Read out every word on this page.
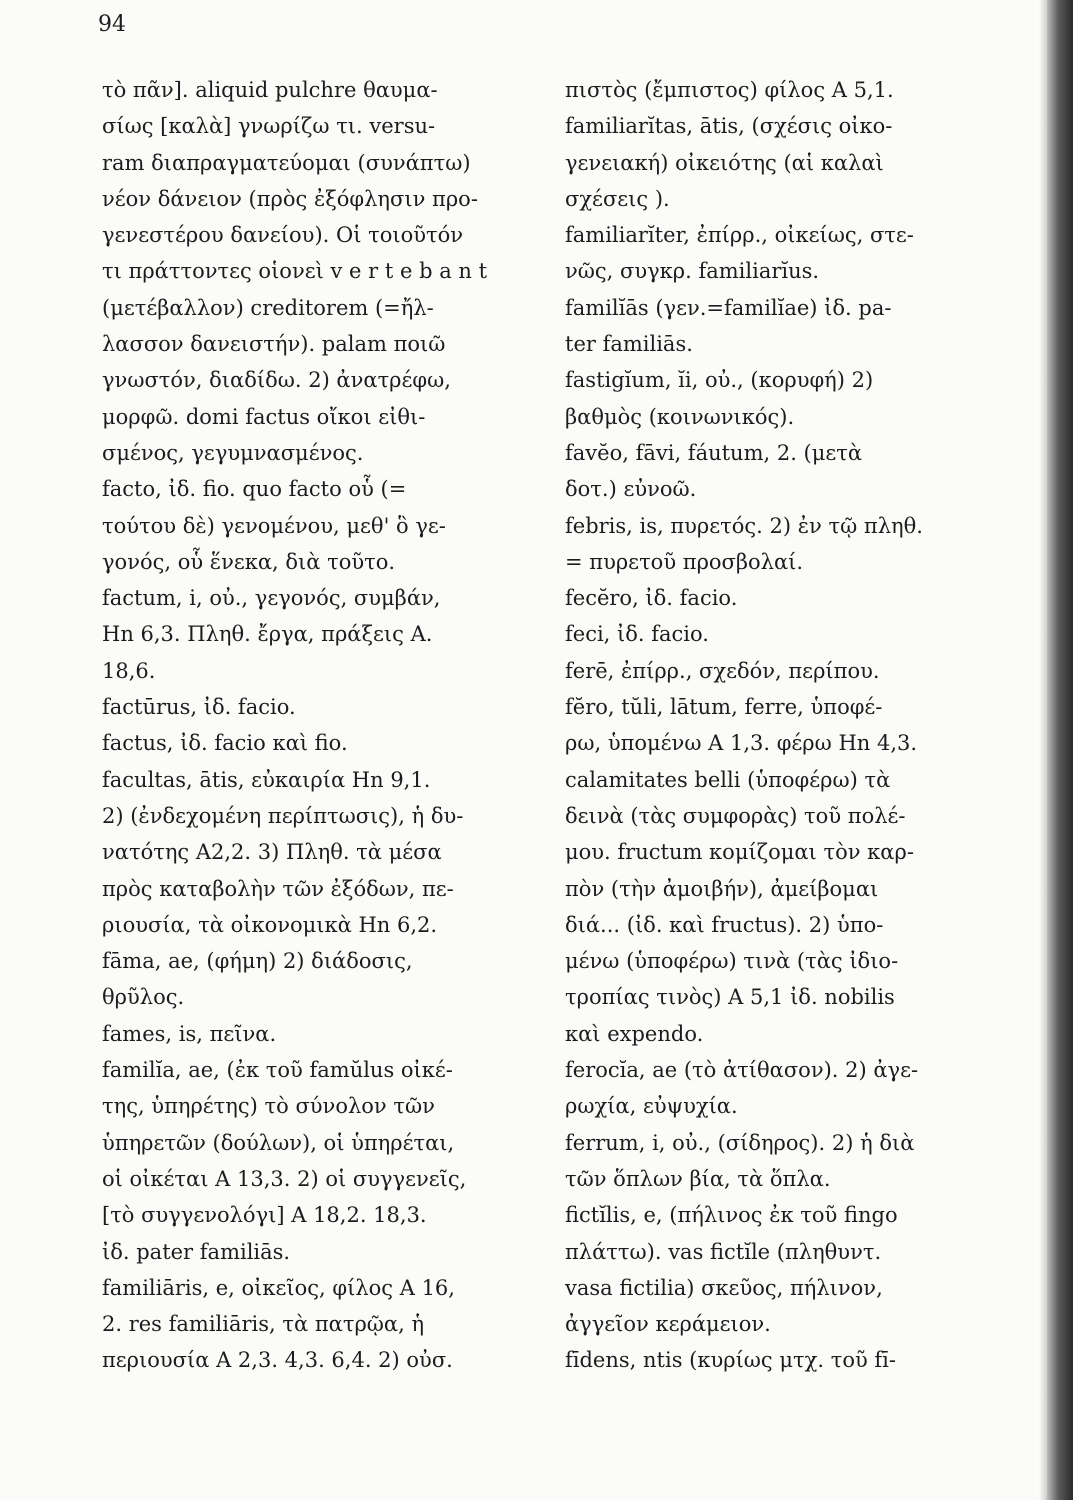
94
τὸ πᾶν]. aliquid pulchre θαυμα-
σίως [καλὰ] γνωρίζω τι. versu-
ram διαπραγματεύομαι (συνάπτω)
νέον δάνειον (πρὸς ἐξόφλησιν προ-
γενεστέρου δανείου). Οἱ τοιοῦτόν
τι πράττοντες οἱονεὶ v e r t e b a n t
(μετέβαλλον) creditorem (=ἤλ-
λασσον δανειστήν). palam ποιῶ
γνωστόν, διαδίδω. 2) ἀνατρέφω,
μορφῶ. domi factus οἴκοι εἰθι-
σμένος, γεγυμνασμένος.
facto, ἰδ. fio. quo facto οὗ (=
τούτου δὲ) γενομένου, μεθ' ὃ γε-
γονός, οὗ ἕνεκα, διὰ τοῦτο.
factum, i, οὐ., γεγονός, συμβάν,
Hn 6,3. Πληθ. ἔργα, πράξεις A.
18,6.
factūrus, ἰδ. facio.
factus, ἰδ. facio καὶ fio.
facultas, ātis, εὐκαιρία Hn 9,1.
2) (ἐνδεχομένη περίπτωσις), ἡ δυ-
νατότης A2,2. 3) Πληθ. τὰ μέσα
πρὸς καταβολὴν τῶν ἐξόδων, πε-
ριουσία, τὰ οἰκονομικὰ Hn 6,2.
fāma, ae, (φήμη) 2) διάδοσις,
θρῦλος.
fames, is, πεῖνα.
familĭa, ae, (ἐκ τοῦ famŭlus οἰκέ-
της, ὑπηρέτης) τὸ σύνολον τῶν
ὑπηρετῶν (δούλων), οἱ ὑπηρέται,
οἱ οἰκέται A 13,3. 2) οἱ συγγενεῖς,
[τὸ συγγενολόγι] A 18,2. 18,3.
ἰδ. pater familiās.
familiāris, e, οἰκεῖος, φίλος A 16,
2. res familiāris, τὰ πατρῷα, ἡ
περιουσία A 2,3. 4,3. 6,4. 2) οὐσ.
πιστὸς (ἔμπιστος) φίλος A 5,1.
familiarĭtas, ātis, (σχέσις οἰκο-
γενειακή) οἰκειότης (αἱ καλαὶ
σχέσεις ).
familiarĭter, ἐπίρρ., οἰκείως, στε-
νῶς, συγκρ. familiarĭus.
familĭās (γεν.=familĭae) ἰδ. pa-
ter familiās.
fastigĭum, ĭi, οὐ., (κορυφή) 2)
βαθμὸς (κοινωνικός).
favĕo, fāvi, fáutum, 2. (μετὰ
δοτ.) εὐνοῶ.
febris, is, πυρετός. 2) ἐν τῷ πληθ.
= πυρετοῦ προσβολαί.
fecĕro, ἰδ. facio.
feci, ἰδ. facio.
ferē, ἐπίρρ., σχεδόν, περίπου.
fĕro, tŭli, lātum, ferre, ὑποφέ-
ρω, ὑπομένω A 1,3. φέρω Hn 4,3.
calamitates belli (ὑποφέρω) τὰ
δεινὰ (τὰς συμφορὰς) τοῦ πολέ-
μου. fructum κομίζομαι τὸν καρ-
πὸν (τὴν ἀμοιβήν), ἀμείβομαι
διά... (ἰδ. καὶ fructus). 2) ὑπο-
μένω (ὑποφέρω) τινὰ (τὰς ἰδιο-
τροπίας τινὸς) A 5,1 ἰδ. nobilis
καὶ expendo.
ferocĭa, ae (τὸ ἀτίθασον). 2) ἀγε-
ρωχία, εὐψυχία.
ferrum, i, οὐ., (σίδηρος). 2) ἡ διὰ
τῶν ὅπλων βία, τὰ ὅπλα.
fictĭlis, e, (πήλινος ἐκ τοῦ fingo
πλάττω). vas fictĭle (πληθυντ.
vasa fictilia) σκεῦος, πήλινον,
ἀγγεῖον κεράμειον.
fīdens, ntis (κυρίως μτχ. τοῦ fī-
